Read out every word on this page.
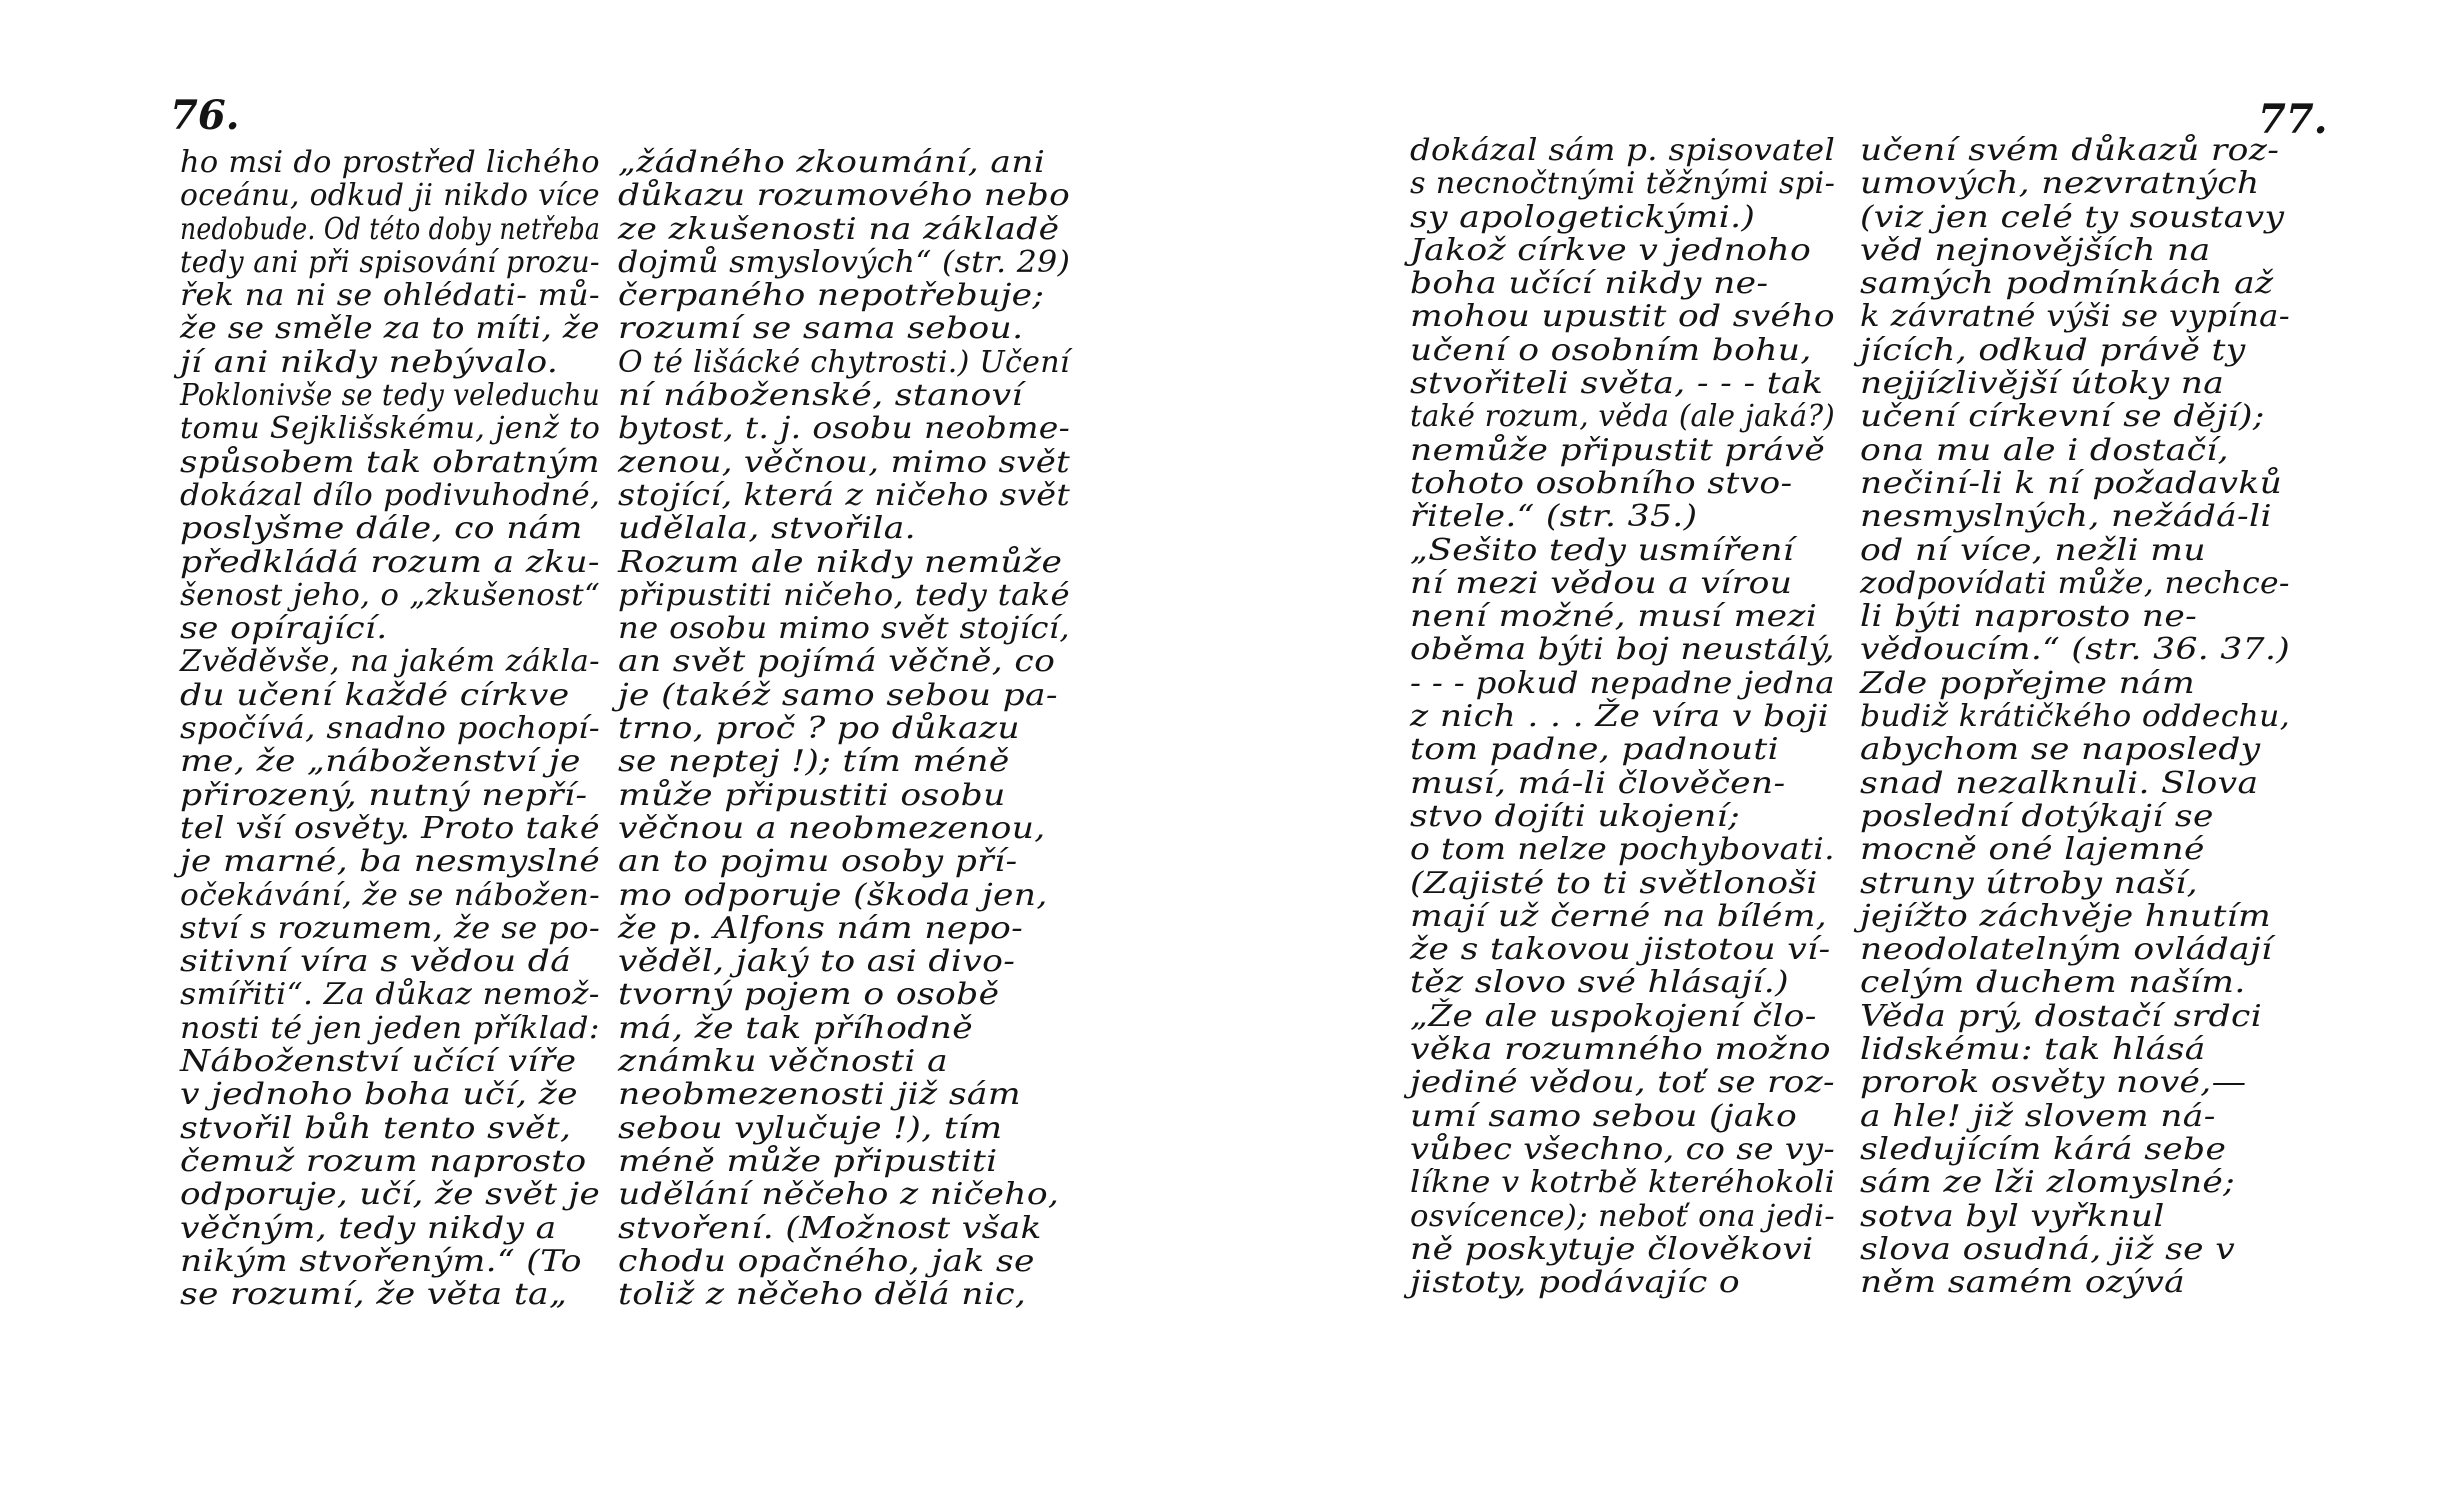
76.
ho msi do prostřed lichého
oceánu, odkud ji nikdo více
nedobude. Od této doby netřeba
tedy ani při spisování prozu-
řek na ni se ohlédati- mů-
že se směle za to míti, že
jí ani nikdy nebývalo.
Poklonivše se tedy veleduchu
tomu Sejklišskému, jenž to
spůsobem tak obratným
dokázal dílo podivuhodné,
poslyšme dále, co nám
předkládá rozum a zku-
šenost jeho, o „zkušenost“
se opírající.
Zvěděvše, na jakém zákla-
du učení každé církve
spočívá, snadno pochopí-
me, že „náboženství je
přirozený, nutný nepří-
tel vší osvěty. Proto také
je marné, ba nesmyslné
očekávání, že se nábožen-
ství s rozumem, že se po-
sitivní víra s vědou dá
smířiti“. Za důkaz nemož-
nosti té jen jeden příklad:
Náboženství učící víře
v jednoho boha učí, že
stvořil bůh tento svět,
čemuž rozum naprosto
odporuje, učí, že svět je
věčným, tedy nikdy a
nikým stvořeným.“ (To
se rozumí, že věta ta„
„žádného zkoumání, ani
důkazu rozumového nebo
ze zkušenosti na základě
dojmů smyslových“ (str. 29)
čerpaného nepotřebuje;
rozumí se sama sebou.
O té lišácké chytrosti.) Učení
ní náboženské, stanoví
bytost, t. j. osobu neobme-
zenou, věčnou, mimo svět
stojící, která z ničeho svět
udělala, stvořila.
Rozum ale nikdy nemůže
připustiti ničeho, tedy také
ne osobu mimo svět stojící,
an svět pojímá věčně, co
je (takéž samo sebou pa-
trno, proč ? po důkazu
se neptej !); tím méně
může připustiti osobu
věčnou a neobmezenou,
an to pojmu osoby pří-
mo odporuje (škoda jen,
že p. Alfons nám nepo-
věděl, jaký to asi divo-
tvorný pojem o osobě
má, že tak příhodně
známku věčnosti a
neobmezenosti již sám
sebou vylučuje !), tím
méně může připustiti
udělání něčeho z ničeho,
stvoření. (Možnost však
chodu opačného, jak se
toliž z něčeho dělá nic,
77.
dokázal sám p. spisovatel
s neспočtnými těžnými spi-
sy apologetickými.)
Jakož církve v jednoho
boha učící nikdy ne-
mohou upustit od svého
učení o osobním bohu,
stvořiteli světa, - - - tak
také rozum, věda (ale jaká?)
nemůže připustit právě
tohoto osobního stvo-
řitele.“ (str. 35.)
„Sešito tedy usmíření
ní mezi vědou a vírou
není možné, musí mezi
oběma býti boj neustálý,
- - - pokud nepadne jedna
z nich . . . Že víra v boji
tom padne, padnouti
musí, má-li člověčen-
stvo dojíti ukojení;
o tom nelze pochybovati.
(Zajisté to ti světlonoši
mají už černé na bílém,
že s takovou jistotou ví-
těz slovo své hlásají.)
„Že ale uspokojení člo-
věka rozumného možno
jediné vědou, toť se roz-
umí samo sebou (jako
vůbec všechno, co se vy-
líkne v kotrbě kteréhokoli
osvícence); neboť ona jedi-
ně poskytuje člověkovi
jistoty, podávajíc o
učení svém důkazů roz-
umových, nezvratných
(viz jen celé ty soustavy
věd nejnovějších na
samých podmínkách až
k závratné výši se vypína-
jících, odkud právě ty
nejjízlivější útoky na
učení církevní se dějí);
ona mu ale i dostačí,
nečiní-li k ní požadavků
nesmyslných, nežádá-li
od ní více, nežli mu
zodpovídati může, nechce-
li býti naprosto ne-
vědoucím.“ (str. 36. 37.)
Zde popřejme nám
budiž krátičkého oddechu,
abychom se naposledy
snad nezalknuli. Slova
poslední dotýkají se
mocně oné lajemné
struny útroby naší,
jejížto záchvěje hnutím
neodolatelným ovládají
celým duchem naším.
Věda prý, dostačí srdci
lidskému: tak hlásá
prorok osvěty nové,—
a hle! již slovem ná-
sledujícím kárá sebe
sám ze lži zlomyslné;
sotva byl vyřknul
slova osudná, již se v
něm samém ozývá
